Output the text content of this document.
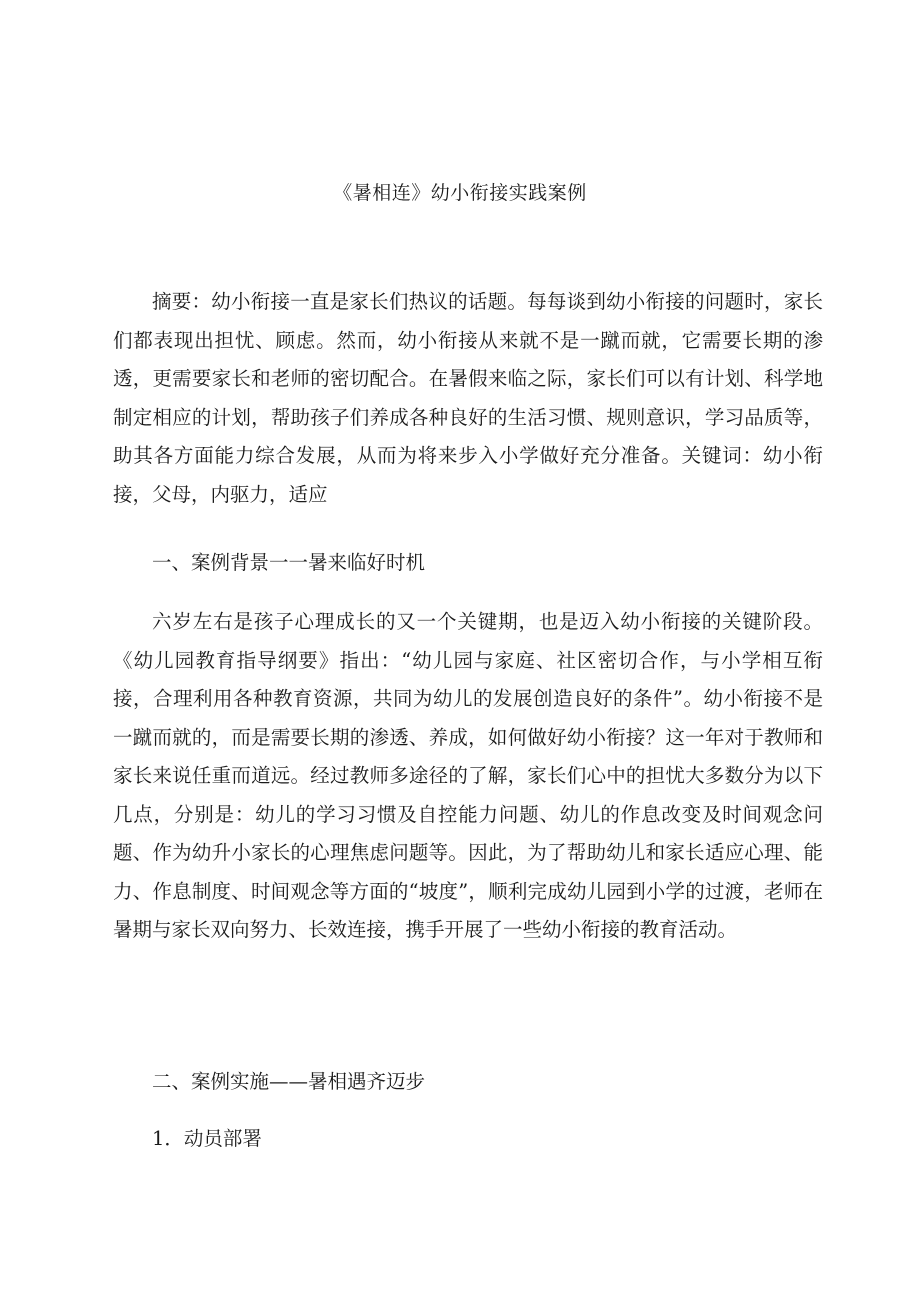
《暑相连》幼小衔接实践案例

摘要：幼小衔接一直是家长们热议的话题。每每谈到幼小衔接的问题时，家长们都表现出担忧、顾虑。然而，幼小衔接从来就不是一蹴而就，它需要长期的渗透，更需要家长和老师的密切配合。在暑假来临之际，家长们可以有计划、科学地制定相应的计划，帮助孩子们养成各种良好的生活习惯、规则意识，学习品质等，助其各方面能力综合发展，从而为将来步入小学做好充分准备。关键词：幼小衔接，父母，内驱力，适应

一、案例背景一一暑来临好时机

六岁左右是孩子心理成长的又一个关键期，也是迈入幼小衔接的关键阶段。《幼儿园教育指导纲要》指出：“幼儿园与家庭、社区密切合作，与小学相互衔接，合理利用各种教育资源，共同为幼儿的发展创造良好的条件”。幼小衔接不是一蹴而就的，而是需要长期的渗透、养成，如何做好幼小衔接？这一年对于教师和家长来说任重而道远。经过教师多途径的了解，家长们心中的担忧大多数分为以下几点，分别是：幼儿的学习习惯及自控能力问题、幼儿的作息改变及时间观念问题、作为幼升小家长的心理焦虑问题等。因此，为了帮助幼儿和家长适应心理、能力、作息制度、时间观念等方面的“坡度”，顺利完成幼儿园到小学的过渡，老师在暑期与家长双向努力、长效连接，携手开展了一些幼小衔接的教育活动。

二、案例实施——暑相遇齐迈步
1．动员部署
